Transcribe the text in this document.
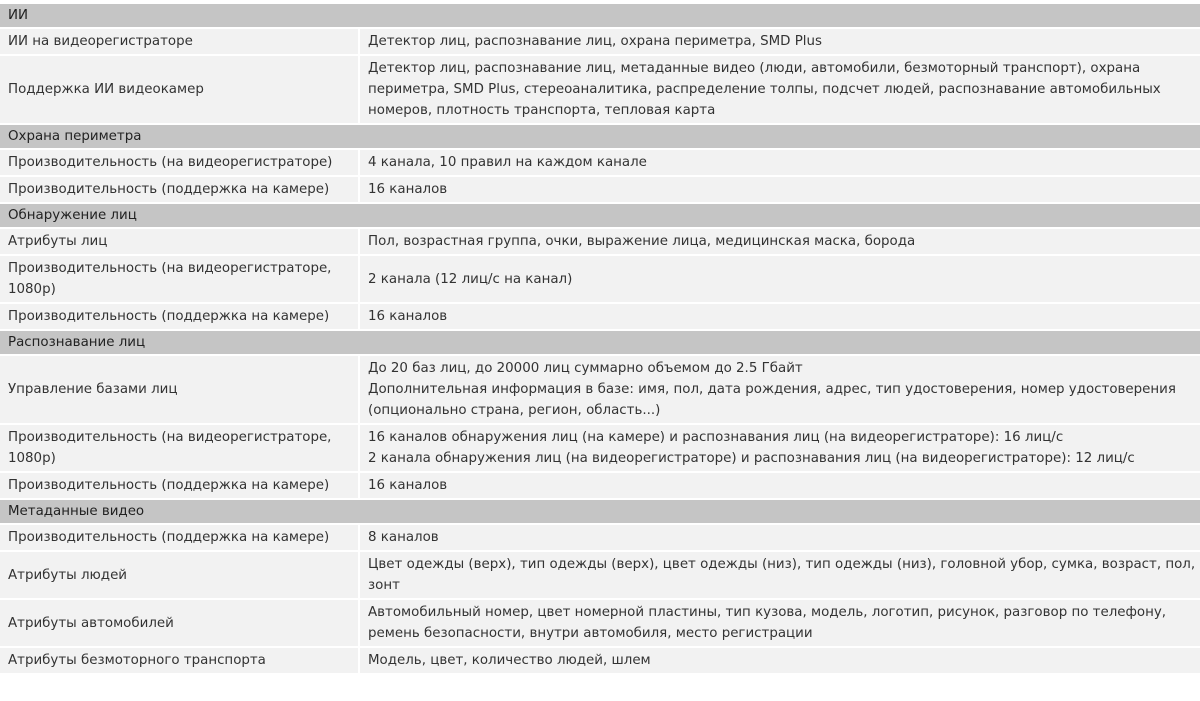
ИИ	
ИИ на видеорегистраторе	Детектор лиц, распознавание лиц, охрана периметра, SMD Plus
Поддержка ИИ видеокамер	Детектор лиц, распознавание лиц, метаданные видео (люди, автомобили, безмоторный транспорт), охрана периметра, SMD Plus, стереоаналитика, распределение толпы, подсчет людей, распознавание автомобильных номеров, плотность транспорта, тепловая карта
Охрана периметра	
Производительность (на видеорегистраторе)	4 канала, 10 правил на каждом канале
Производительность (поддержка на камере)	16 каналов
Обнаружение лиц	
Атрибуты лиц	Пол, возрастная группа, очки, выражение лица, медицинская маска, борода
Производительность (на видеорегистраторе, 1080p)	2 канала (12 лиц/с на канал)
Производительность (поддержка на камере)	16 каналов
Распознавание лиц	
Управление базами лиц	До 20 баз лиц, до 20000 лиц суммарно объемом до 2.5 Гбайт
Дополнительная информация в базе: имя, пол, дата рождения, адрес, тип удостоверения, номер удостоверения (опционально страна, регион, область...)

Производительность (на видеорегистраторе, 1080p)	16 каналов обнаружения лиц (на камере) и распознавания лиц (на видеорегистраторе): 16 лиц/с
2 канала обнаружения лиц (на видеорегистраторе) и распознавания лиц (на видеорегистраторе): 12 лиц/с

Производительность (поддержка на камере)	16 каналов
Метаданные видео	
Производительность (поддержка на камере)	8 каналов
Атрибуты людей	Цвет одежды (верх), тип одежды (верх), цвет одежды (низ), тип одежды (низ), головной убор, сумка, возраст, пол, зонт
Атрибуты автомобилей	Автомобильный номер, цвет номерной пластины, тип кузова, модель, логотип, рисунок, разговор по телефону, ремень безопасности, внутри автомобиля, место регистрации
Атрибуты безмоторного транспорта	Модель, цвет, количество людей, шлем
